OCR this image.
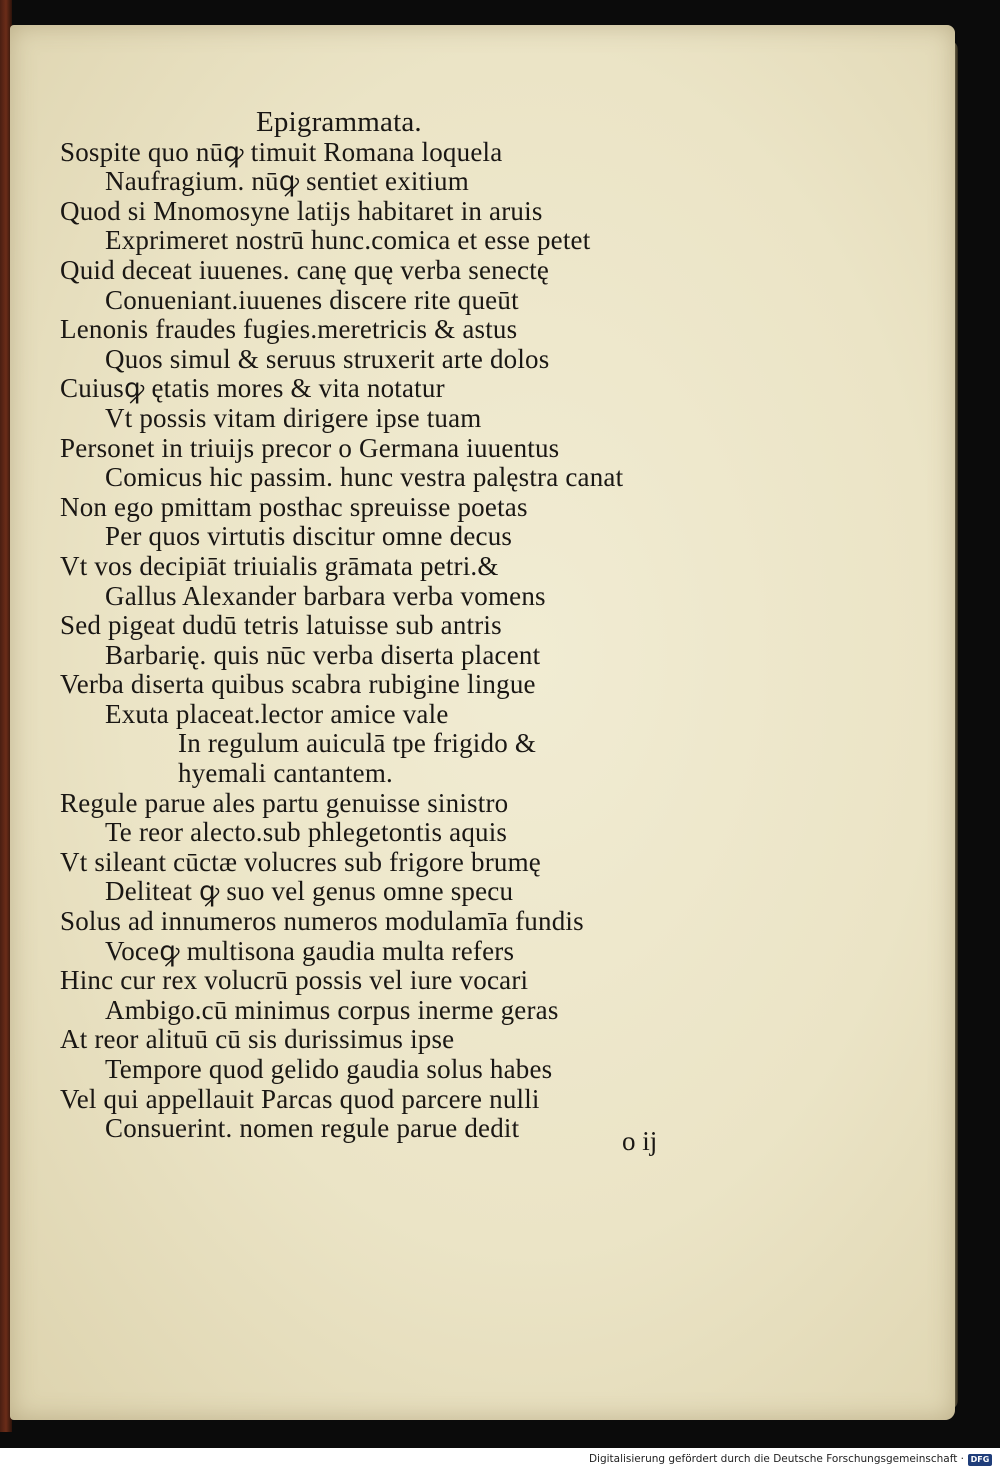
Epigrammata.
Sospite quo nūꝙ timuit Romana loquela
Naufragium. nūꝙ sentiet exitium
Quod si Mnomosyne latijs habitaret in aruis
Exprimeret nostrū hunc.comica et esse petet
Quid deceat iuuenes. canę quę verba senectę
Conueniant.iuuenes discere rite queūt
Lenonis fraudes fugies.meretricis & astus
Quos simul & seruus struxerit arte dolos
Cuiusꝙ ętatis mores & vita notatur
Vt possis vitam dirigere ipse tuam
Personet in triuijs precor o Germana iuuentus
Comicus hic passim. hunc vestra palęstra canat
Non ego pmittam posthac spreuisse poetas
Per quos virtutis discitur omne decus
Vt vos decipiāt triuialis grāmata petri.&
Gallus Alexander barbara verba vomens
Sed pigeat dudū tetris latuisse sub antris
Barbarię. quis nūc verba diserta placent
Verba diserta quibus scabra rubigine lingue
Exuta placeat.lector amice vale
In regulum auiculā tpe frigido &
hyemali cantantem.
Regule parue ales partu genuisse sinistro
Te reor alecto.sub phlegetontis aquis
Vt sileant cūctæ volucres sub frigore brumę
Deliteat ꝙ suo vel genus omne specu
Solus ad innumeros numeros modulamīa fundis
Voceꝙ multisona gaudia multa refers
Hinc cur rex volucrū possis vel iure vocari
Ambigo.cū minimus corpus inerme geras
At reor alituū cū sis durissimus ipse
Tempore quod gelido gaudia solus habes
Vel qui appellauit Parcas quod parcere nulli
Consuerint. nomen regule parue dedit	o ij
Digitalisierung gefördert durch die Deutsche Forschungsgemeinschaft · DFG
